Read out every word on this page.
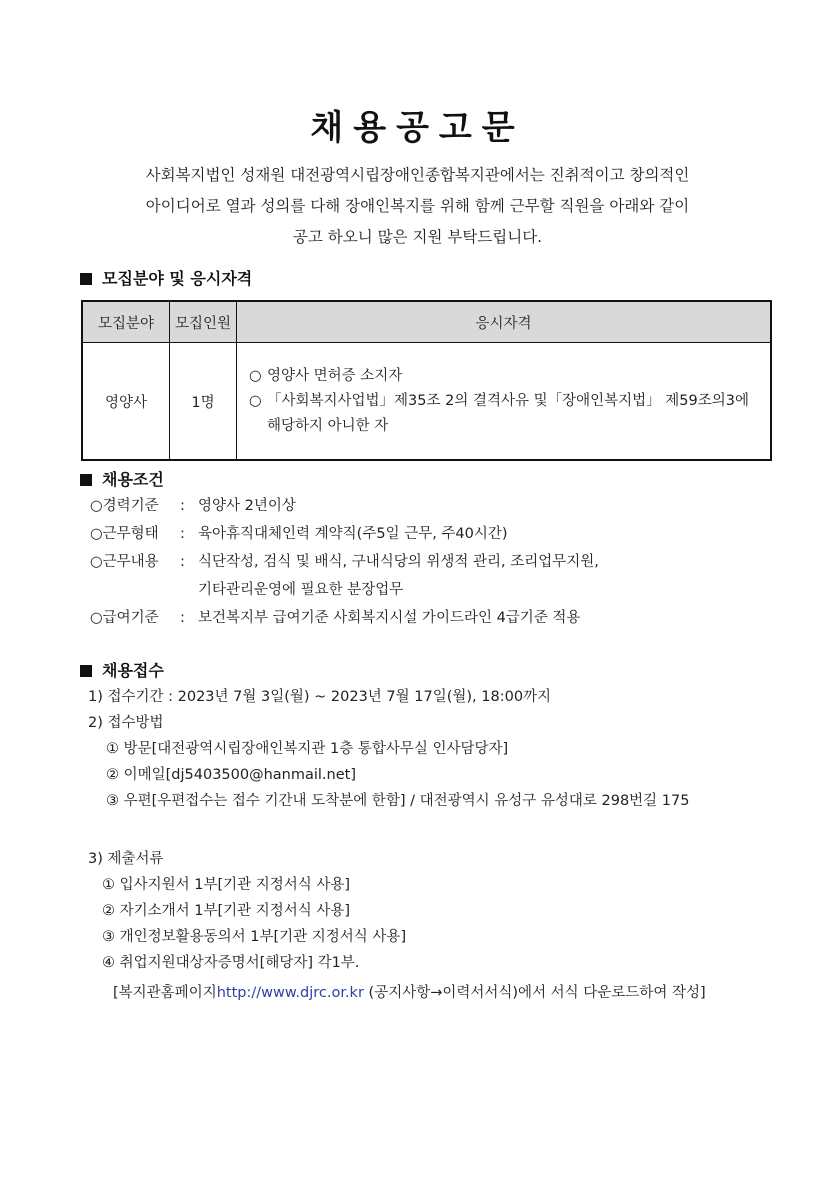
채용공고문
사회복지법인 성재원 대전광역시립장애인종합복지관에서는 진취적이고 창의적인
아이디어로 열과 성의를 다해 장애인복지를 위해 함께 근무할 직원을 아래와 같이
공고 하오니 많은 지원 부탁드립니다.
모집분야 및 응시자격
모집분야	모집인원	응시자격
영양사	1명	○ 영양사 면허증 소지자
○ 「사회복지사업법」제35조 2의 결격사유 및「장애인복지법」 제59조의3에
해당하지 아니한 자
채용조건
○경력기준	: 영양사 2년이상
○근무형태	: 육아휴직대체인력 계약직(주5일 근무, 주40시간)
○근무내용	: 식단작성, 검식 및 배식, 구내식당의 위생적 관리, 조리업무지원,
기타관리운영에 필요한 분장업무
○급여기준	: 보건복지부 급여기준 사회복지시설 가이드라인 4급기준 적용
채용접수
1) 접수기간 : 2023년 7월 3일(월) ~ 2023년 7월 17일(월), 18:00까지
2) 접수방법
① 방문[대전광역시립장애인복지관 1층 통합사무실 인사담당자]
② 이메일[dj5403500@hanmail.net]
③ 우편[우편접수는 접수 기간내 도착분에 한함] / 대전광역시 유성구 유성대로 298번길 175
3) 제출서류
① 입사지원서 1부[기관 지정서식 사용]
② 자기소개서 1부[기관 지정서식 사용]
③ 개인정보활용동의서 1부[기관 지정서식 사용]
④ 취업지원대상자증명서[해당자] 각1부.
[복지관홈페이지http://www.djrc.or.kr (공지사항→이력서서식)에서 서식 다운로드하여 작성]
